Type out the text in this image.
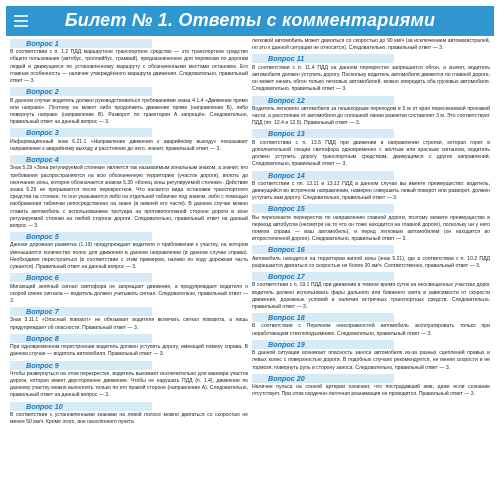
Билет № 1. Ответы с комментариями
Вопрос 1

В соответствии с п. 1.2 ПДД маршрутное транспортное средство — это транспортное средство общего пользования (автобус, троллейбус, трамвай), предназначенное для перевозки по дорогам людей и движущееся по установленному маршруту с обозначенными местами остановок. Его главная особенность — наличие утверждённого маршрута движения. Следовательно, правильный ответ — 3.

Вопрос 2

В данном случае водитель должен руководствоваться требованиями знака 4.1.4 «Движение прямо или направо». Поэтому он может либо продолжить движение прямо (направление Б), либо повернуть направо (направление В). Разворот по траектории А запрещён. Следовательно, правильный ответ на данный вопрос — 3.

Вопрос 3

Информационный знак 6.21.1 «Направление движения к аварийному выходу» показывает направление к аварийному выходу и расстояние до него, значит, правильный ответ — 3.

Вопрос 4

Знак 5.29 «Зона регулируемой стоянки» является так называемым зональным знаком, а значит, его требования распространяются на всю обозначенную территорию (участок дороги), вплоть до окончания зоны, которое обозначается знаком 5.30 «Конец зоны регулируемой стоянки». Действие знака 5.29 не прерывается после перекрестков. Что касается вида остановки транспортного средства на стоянке, то оно указывается либо на отдельной табличке под знаком, либо с помощью изображения таблички непосредственно на знаке (в нижней его части). В данном случае можно ставить автомобиль с использованием тротуара на противоположной стороне дороги в зоне регулируемой стоянки на любой стороне дороги. Следовательно, правильный ответ на данный вопрос — 3.

Вопрос 5

Данная дорожная разметка (1.19) предупреждает водителя о приближении к участку, на котором уменьшается количество полос для движения в данном направлении (в данном случае справа). Необходимо перестроиться (в соответствии с этим примером, налево по ходу дорожная часть сужается). Правильный ответ на данный вопрос — 3.

Вопрос 6

Мигающий зелёный сигнал светофора не запрещает движение, а предупреждает водителя о скорой смене сигнала — водитель должен учитывать сигнал. Следовательно, правильный ответ — 3.

Вопрос 7

Знак 3.11.1 «Опасный поворот» не обязывает водителя включать сигнал поворота, а лишь предупреждает об опасности. Правильный ответ — 3.

Вопрос 8

При одновременном перестроении водитель должен уступить дорогу, имеющей помеху справа. В данном случае — водитель автомобиля. Правильный ответ — 3.

Вопрос 9

Чтобы развернуться на этом перекрестке, водитель выезжает исключительно для маневра участок дороги, которая имеет двустороннее движение. Чтобы не нарушать ПДД (п. 1.4), движение по данному участку можно выполнять только по его правой стороне (направление А). Следовательно, правильный ответ на данный вопрос — 3.

Вопрос 10

В соответствии с установленными знаками на левой полосе можно двигаться со скоростью не менее 50 км/ч. Кроме этого, вне населённого пункта

легковой автомобиль может двигаться со скоростью до 90 км/ч (за исключением автомагистралей, но это к данной ситуации не относится). Следовательно, правильный ответ — 3.

Вопрос 11

В соответствии с п. 11.4 ПДД на данном перекрестке запрещается обгон, а значит, водитель автомобиля должен уступить дорогу. Поскольку водитель автомобиля движется по главной дороге, он может начать обгон только легковых автомобилей, можно опередить оба грузовых автомобиля. Следовательно, правильный ответ — 3.

Вопрос 12

Водитель легкового автомобиля за пешеходным переходом в 5 м от края пересекаемой проезжей части, а расстояние от автомобиля до сплошной линии разметки составляет 3 м. Это соответствует ПДД (пп. 12.4 и 12.5). Правильный ответ — 3.

Вопрос 13

В соответствии с п. 13.5 ПДД при движении в направлении стрелки, которая горит в дополнительной секции светофора одновременно с жёлтым или красным сигналом, водитель должен уступить дорогу транспортным средствам, движущимся с других направлений. Следовательно, правильный ответ — 3.

Вопрос 14

В соответствии с пп. 13.11 и 13.12 ПДД в данном случае вы имеете преимущество: водитель, движущийся во встречном направлении, намерен совершить левый поворот или разворот, должен уступить вам дорогу. Следовательно, правильный ответ — 3.

Вопрос 15

Вы пересекаете перекресток по направлению главной дороги, поэтому можете преимущество в переезд автобусом (несмотря на то что он тоже находится на главной дороге), поскольку ни у него помехи справа — ваш автомобиль), и перед легковым автомобилем (он находится во второстепенной дороге). Следовательно, правильный ответ — 3.

Вопрос 16

Автомобиль находится на территории жилой зоны (знак 5.21), где в соответствии с п. 10.2 ПДД разрешается двигаться со скоростью не более 20 км/ч. Соответственно, правильный ответ — 3.

Вопрос 17

В соответствии с п. 19.1 ПДД при движении в темное время суток на неосвещенных участках дорог водитель должен использовать фары дальнего или ближнего света в зависимости от скорости движения, дорожных условий и наличия встречных транспортных средств. Следовательно, правильный ответ — 3.

Вопрос 18

В соответствии с Перечнем неисправностей автомобиль эксплуатировать только при неработающем стеклоподъемнике. Следовательно, правильный ответ — 3.

Вопрос 19

В данной ситуации возникает опасность заноса автомобиля из-за разных сцеплений правых и левых колес с поверхностью дороги. В подобных случаях рекомендуется, не меняя скорости и не тормозя, повернуть руль в сторону заноса. Следовательно, правильный ответ — 3.

Вопрос 20

Наличие пульса на сонной артерии означает, что пострадавший жив, даже если сознание отсутствует. При этом сердечно-легочная реанимация не проводится. Правильный ответ — 3.
